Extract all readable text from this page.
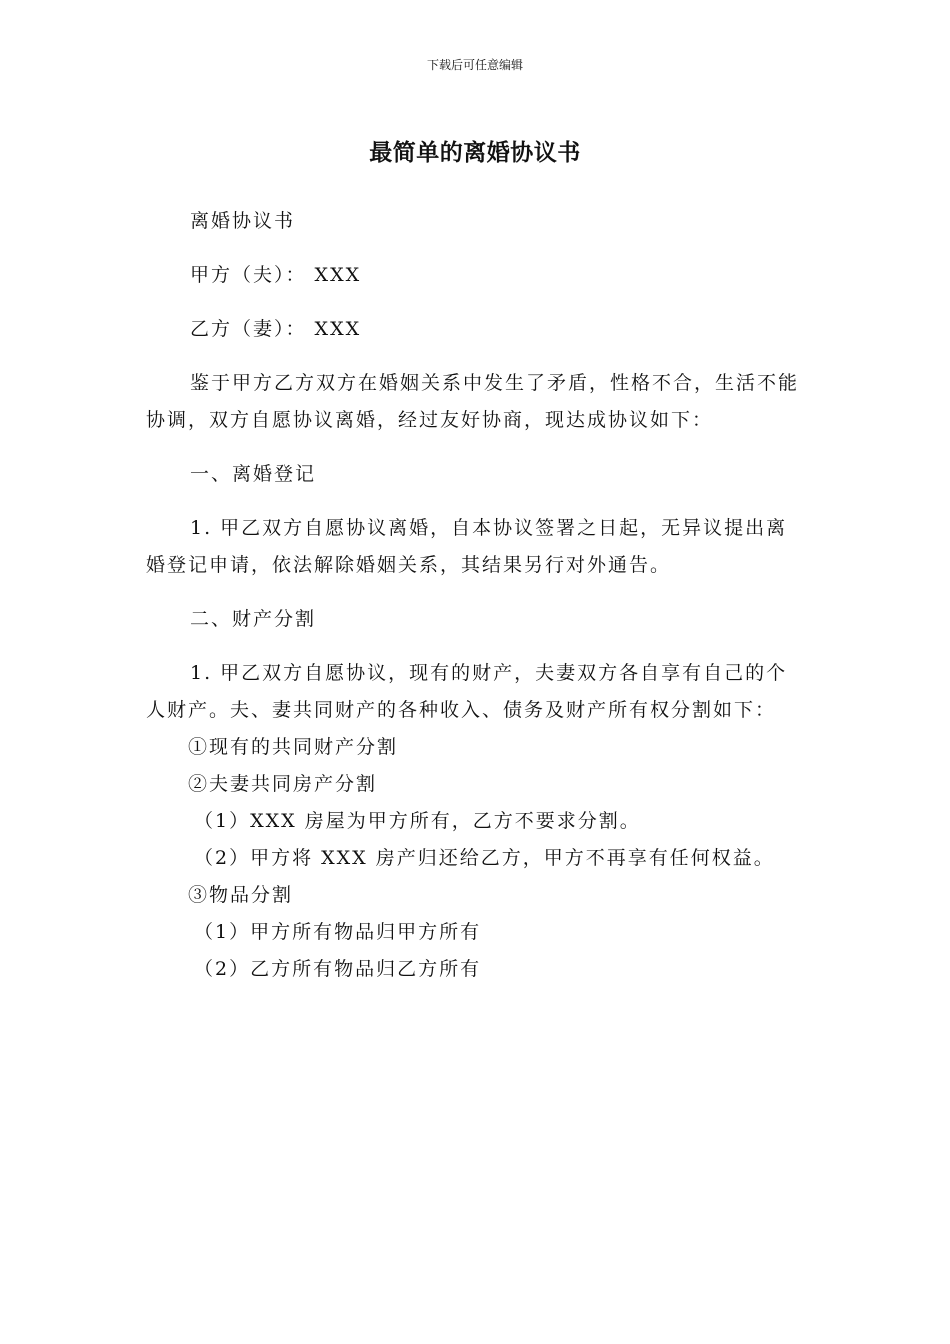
下载后可任意编辑
最简单的离婚协议书

离婚协议书

甲方（夫）： XXX

乙方（妻）： XXX

鉴于甲方乙方双方在婚姻关系中发生了矛盾，性格不合，生活不能协调，双方自愿协议离婚，经过友好协商，现达成协议如下：

一、离婚登记

1. 甲乙双方自愿协议离婚，自本协议签署之日起，无异议提出离婚登记申请，依法解除婚姻关系，其结果另行对外通告。

二、财产分割

1. 甲乙双方自愿协议，现有的财产，夫妻双方各自享有自己的个人财产。夫、妻共同财产的各种收入、债务及财产所有权分割如下：

①现有的共同财产分割

②夫妻共同房产分割

（1）XXX 房屋为甲方所有，乙方不要求分割。

（2）甲方将 XXX 房产归还给乙方，甲方不再享有任何权益。

③物品分割

（1）甲方所有物品归甲方所有

（2）乙方所有物品归乙方所有
